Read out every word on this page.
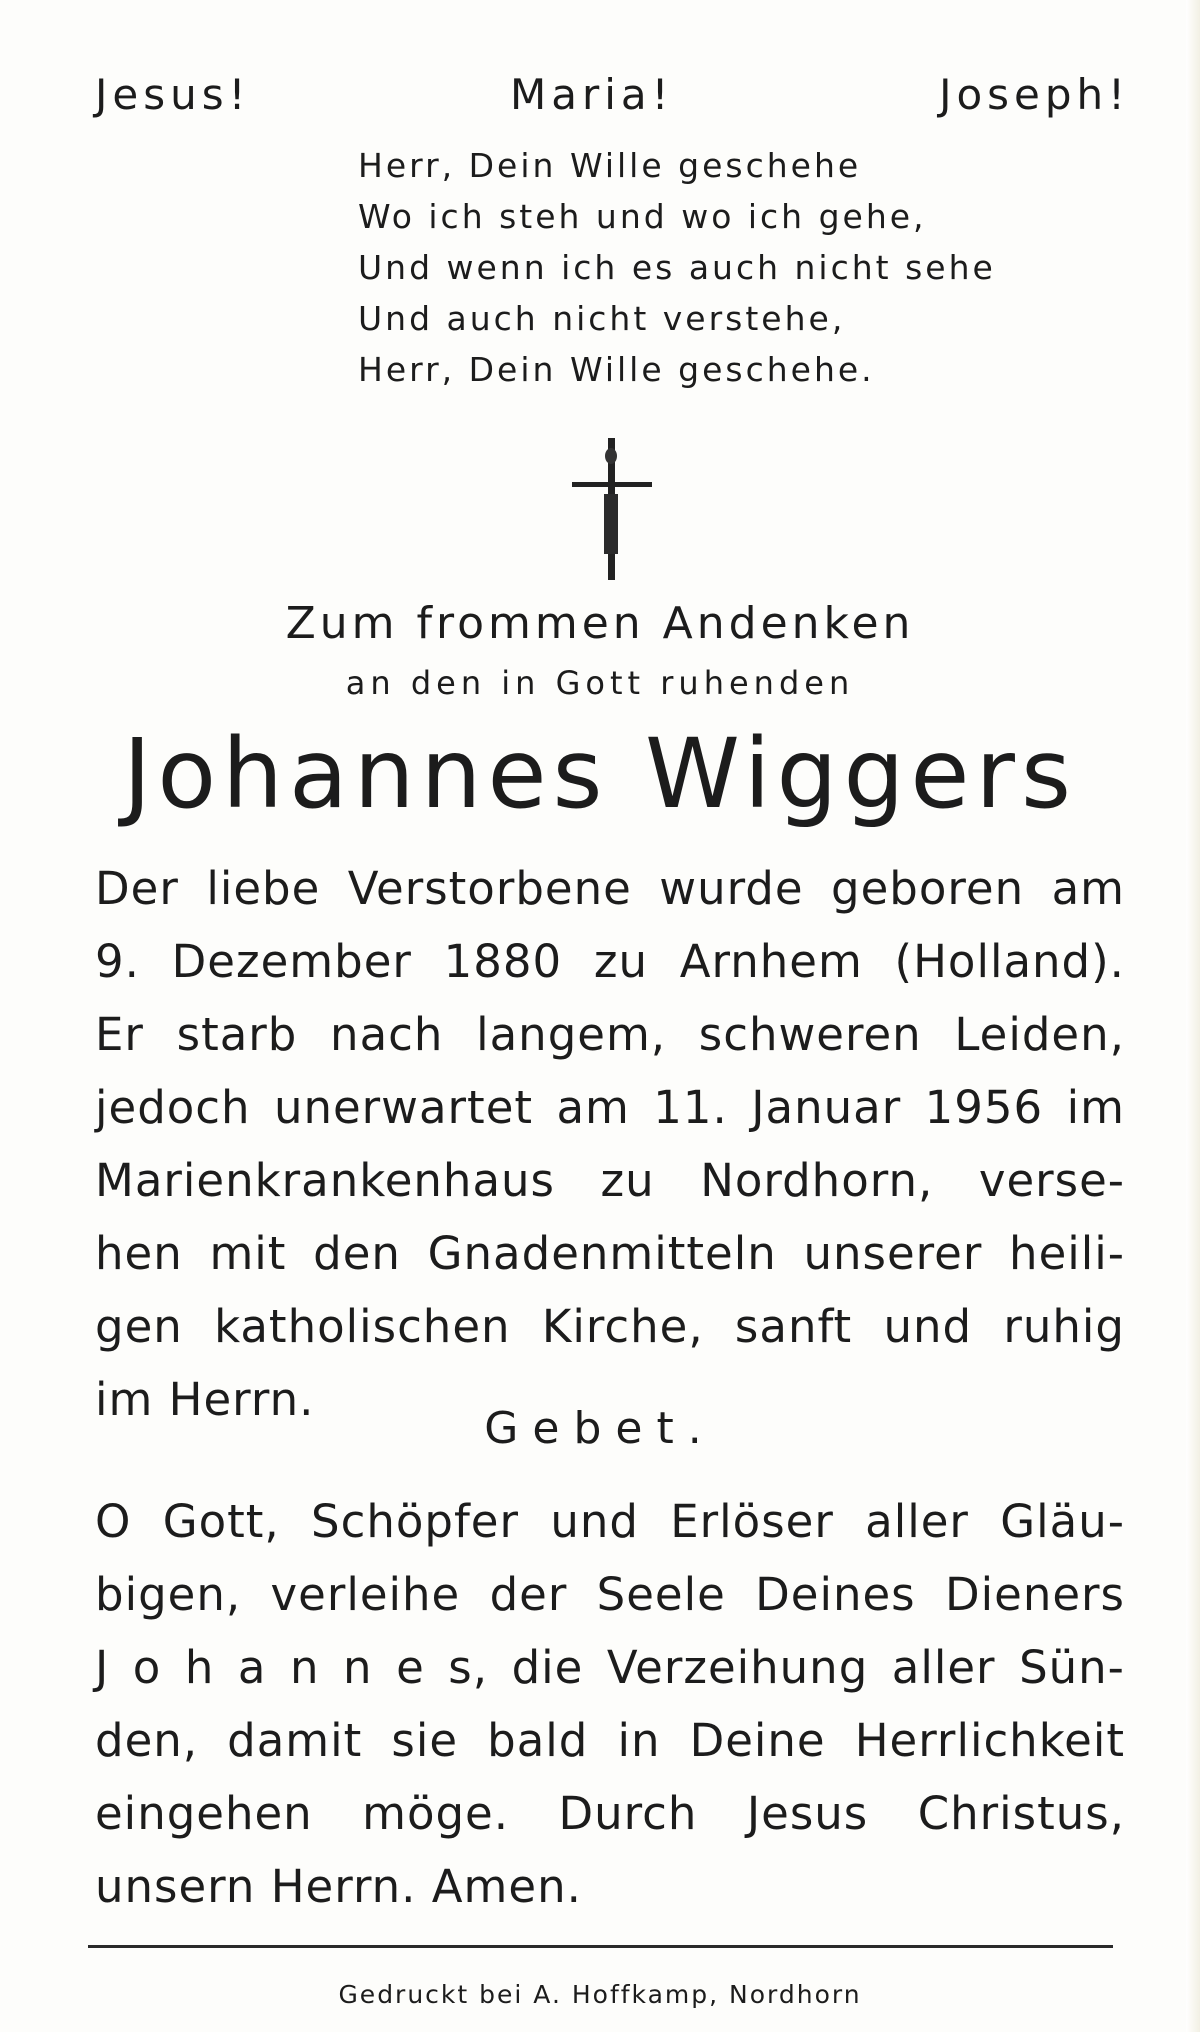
Jesus!	Maria!	Joseph!
Herr, Dein Wille geschehe
Wo ich steh und wo ich gehe,
Und wenn ich es auch nicht sehe
Und auch nicht verstehe,
Herr, Dein Wille geschehe.
Zum frommen Andenken
an den in Gott ruhenden
Johannes Wiggers
Der liebe Verstorbene wurde geboren am
9. Dezember 1880 zu Arnhem (Holland).
Er starb nach langem, schweren Leiden,
jedoch unerwartet am 11. Januar 1956 im
Marienkrankenhaus zu Nordhorn, verse-
hen mit den Gnadenmitteln unserer heili-
gen katholischen Kirche, sanft und ruhig
im Herrn.
Gebet.
O Gott, Schöpfer und Erlöser aller Gläu-
bigen, verleihe der Seele Deines Dieners
J o h a n n e s, die Verzeihung aller Sün-
den, damit sie bald in Deine Herrlichkeit
eingehen möge. Durch Jesus Christus,
unsern Herrn. Amen.
Gedruckt bei A. Hoffkamp, Nordhorn
